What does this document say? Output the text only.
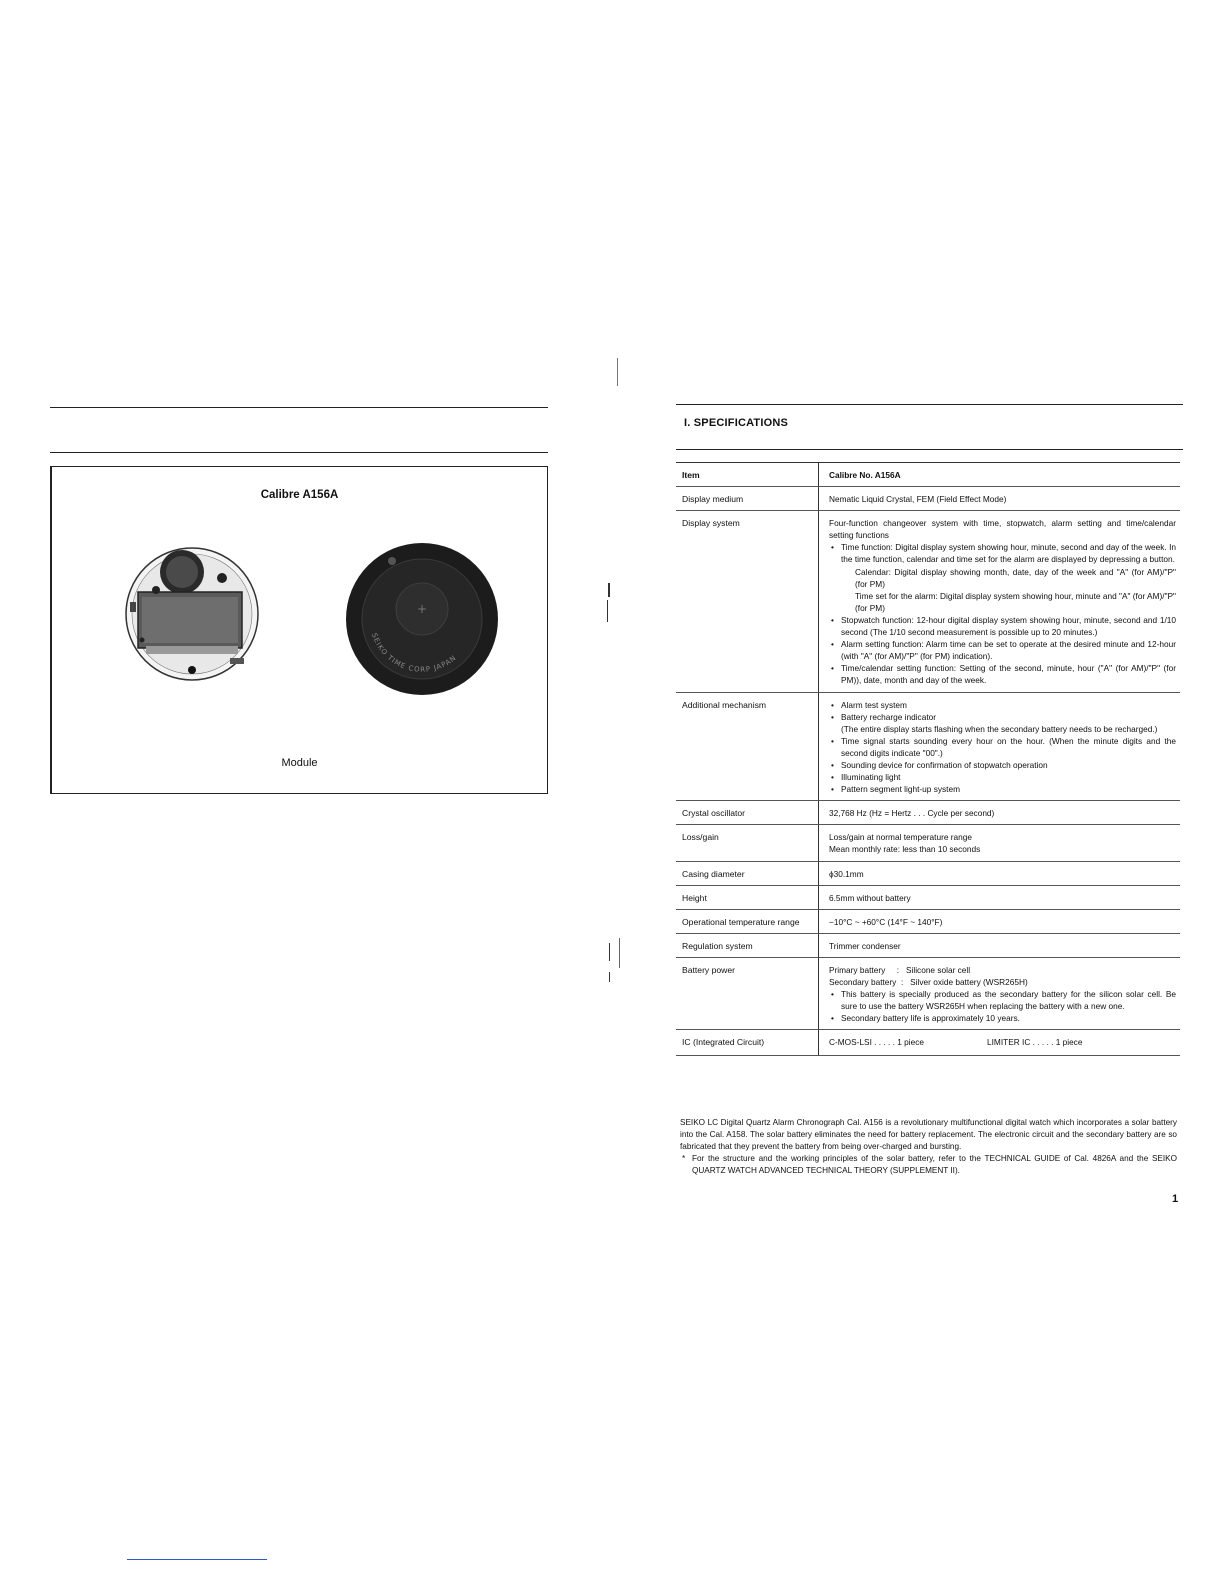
Calibre A156A
+
SEIKO TIME CORP JAPAN
Module
I. SPECIFICATIONS
Item	Calibre No. A156A
Display medium	Nematic Liquid Crystal, FEM (Field Effect Mode)
Display system	Four-function changeover system with time, stopwatch, alarm setting and time/calendar setting functions

• Time function: Digital display system showing hour, minute, second and day of the week. In the time function, calendar and time set for the alarm are displayed by depressing a button.

Calendar: Digital display showing month, date, day of the week and "A" (for AM)/"P" (for PM)

Time set for the alarm: Digital display system showing hour, minute and "A" (for AM)/"P" (for PM)

• Stopwatch function: 12-hour digital display system showing hour, minute, second and 1/10 second (The 1/10 second measurement is possible up to 20 minutes.)

• Alarm setting function: Alarm time can be set to operate at the desired minute and 12-hour (with "A" (for AM)/"P" (for PM) indication).

• Time/calendar setting function: Setting of the second, minute, hour ("A" (for AM)/"P" (for PM)), date, month and day of the week.

Additional mechanism

•	Alarm test system

• Battery recharge indicator

(The entire display starts flashing when the secondary battery needs to be recharged.)

• Time signal starts sounding every hour on the hour. (When the minute digits and the second digits indicate "00".)

• Sounding device for confirmation of stopwatch operation

• Illuminating light

• Pattern segment light-up system

Crystal oscillator	32,768 Hz (Hz = Hertz . . . Cycle per second)
Loss/gain	Loss/gain at normal temperature range

Mean monthly rate: less than 10 seconds

Casing diameter	ϕ30.1mm
Height	6.5mm without battery
Operational temperature range	−10°C ~ +60°C (14°F ~ 140°F)
Regulation system	Trimmer condenser
Battery power	Primary battery     :   Silicone solar cell

Secondary battery  :   Silver oxide battery (WSR265H)

• This battery is specially produced as the secondary battery for the silicon solar cell. Be sure to use the battery WSR265H when replacing the battery with a new one.

• Secondary battery life is approximately 10 years.

IC (Integrated Circuit)	C-MOS-LSI . . . . . 1 piece	LIMITER IC . . . . . 1 piece

SEIKO LC Digital Quartz Alarm Chronograph Cal. A156 is a revolutionary multifunctional digital watch which incorporates a solar battery into the Cal. A158. The solar battery eliminates the need for battery replacement. The electronic circuit and the secondary battery are so fabricated that they prevent the battery from being over-charged and bursting.

* For the structure and the working principles of the solar battery, refer to the TECHNICAL GUIDE of Cal. 4826A and the SEIKO QUARTZ WATCH ADVANCED TECHNICAL THEORY (SUPPLEMENT II).

1
